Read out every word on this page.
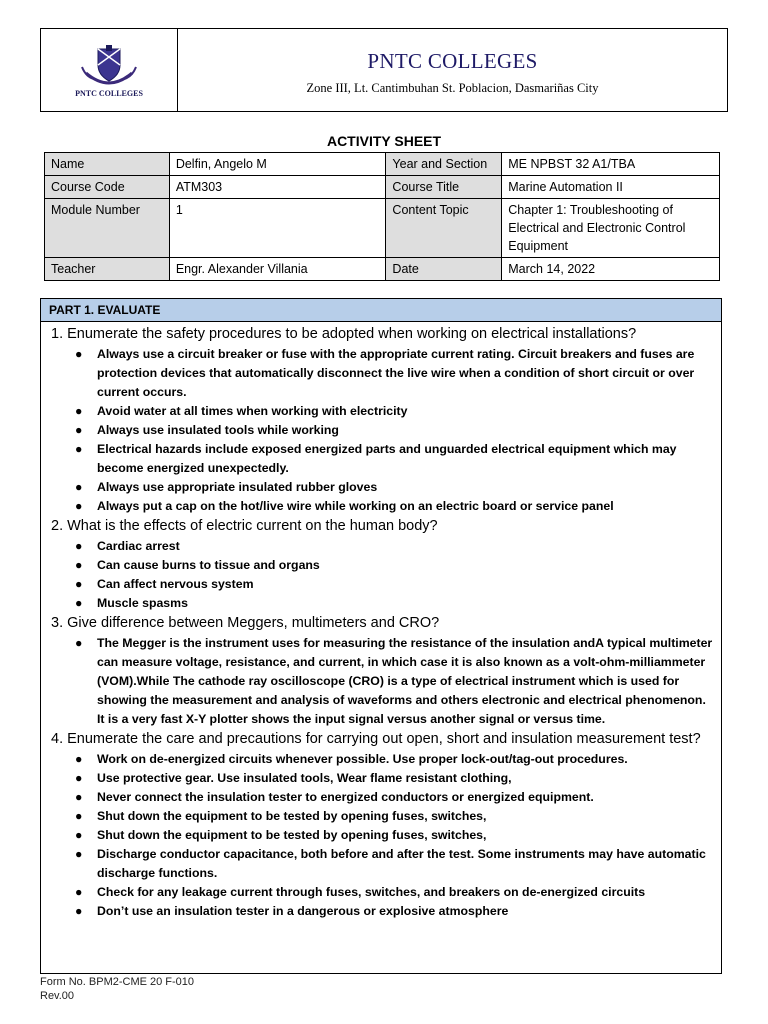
PNTC COLLEGES
PNTC COLLEGES
Zone III, Lt. Cantimbuhan St. Poblacion, Dasmariñas City
ACTIVITY SHEET
Name	Delfin, Angelo M	Year and Section	ME NPBST 32 A1/TBA
Course Code	ATM303	Course Title	Marine Automation II
Module Number	1	Content Topic	Chapter 1: Troubleshooting of Electrical and Electronic Control Equipment
Teacher	Engr. Alexander Villania	Date	March 14, 2022
PART 1. EVALUATE

1. Enumerate the safety procedures to be adopted when working on electrical installations?

● Always use a circuit breaker or fuse with the appropriate current rating. Circuit breakers and fuses are protection devices that automatically disconnect the live wire when a condition of short circuit or over current occurs.
● Avoid water at all times when working with electricity
● Always use insulated tools while working
● Electrical hazards include exposed energized parts and unguarded electrical equipment which may become energized unexpectedly.
● Always use appropriate insulated rubber gloves
● Always put a cap on the hot/live wire while working on an electric board or service panel

2. What is the effects of electric current on the human body?

● Cardiac arrest
● Can cause burns to tissue and organs
● Can affect nervous system
● Muscle spasms

3. Give difference between Meggers, multimeters and CRO?

● The Megger is the instrument uses for measuring the resistance of the insulation andA typical multimeter can measure voltage, resistance, and current, in which case it is also known as a volt-ohm-milliammeter (VOM).While The cathode ray oscilloscope (CRO) is a type of electrical instrument which is used for showing the measurement and analysis of waveforms and others electronic and electrical phenomenon. It is a very fast X-Y plotter shows the input signal versus another signal or versus time.

4. Enumerate the care and precautions for carrying out open, short and insulation measurement test?

● Work on de-energized circuits whenever possible. Use proper lock-out/tag-out procedures.
● Use protective gear. Use insulated tools, Wear flame resistant clothing,
● Never connect the insulation tester to energized conductors or energized equipment.
● Shut down the equipment to be tested by opening fuses, switches,
● Shut down the equipment to be tested by opening fuses, switches,
● Discharge conductor capacitance, both before and after the test. Some instruments may have automatic discharge functions.
● Check for any leakage current through fuses, switches, and breakers on de-energized circuits
● Don’t use an insulation tester in a dangerous or explosive atmosphere
Form No. BPM2-CME 20 F-010
Rev.00
